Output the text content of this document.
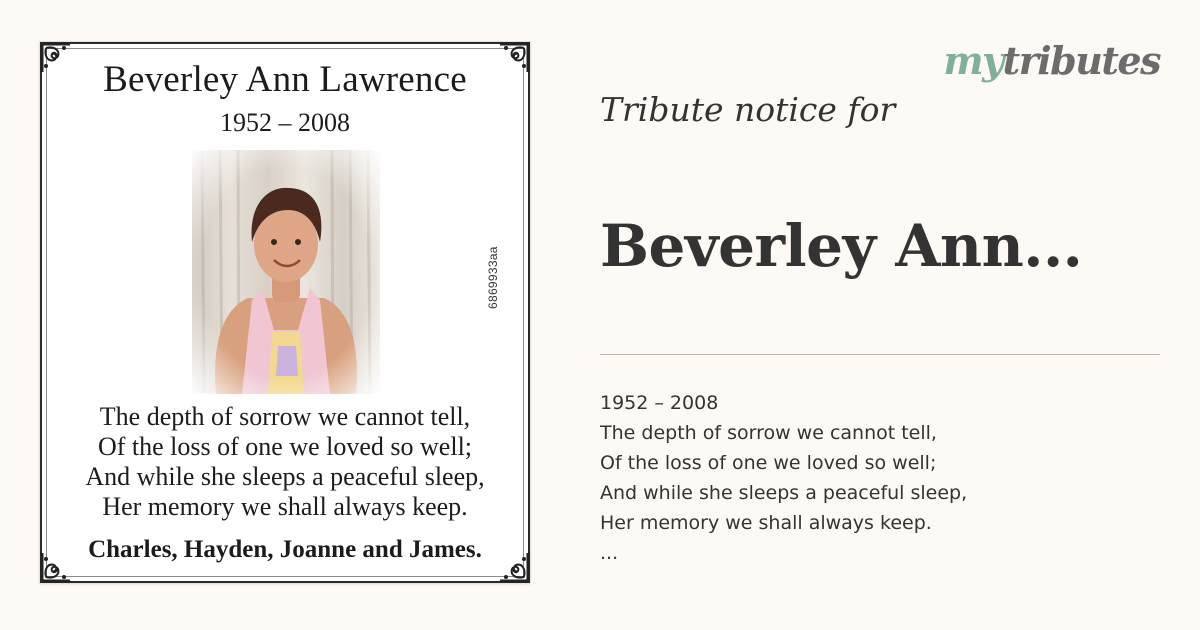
Beverley Ann Lawrence
1952 – 2008
6869933aa
The depth of sorrow we cannot tell,
Of the loss of one we loved so well;
And while she sleeps a peaceful sleep,
Her memory we shall always keep.
Charles, Hayden, Joanne and James.
mytributes
Tribute notice for
Beverley Ann...
1952 – 2008
The depth of sorrow we cannot tell,
Of the loss of one we loved so well;
And while she sleeps a peaceful sleep,
Her memory we shall always keep.
...
